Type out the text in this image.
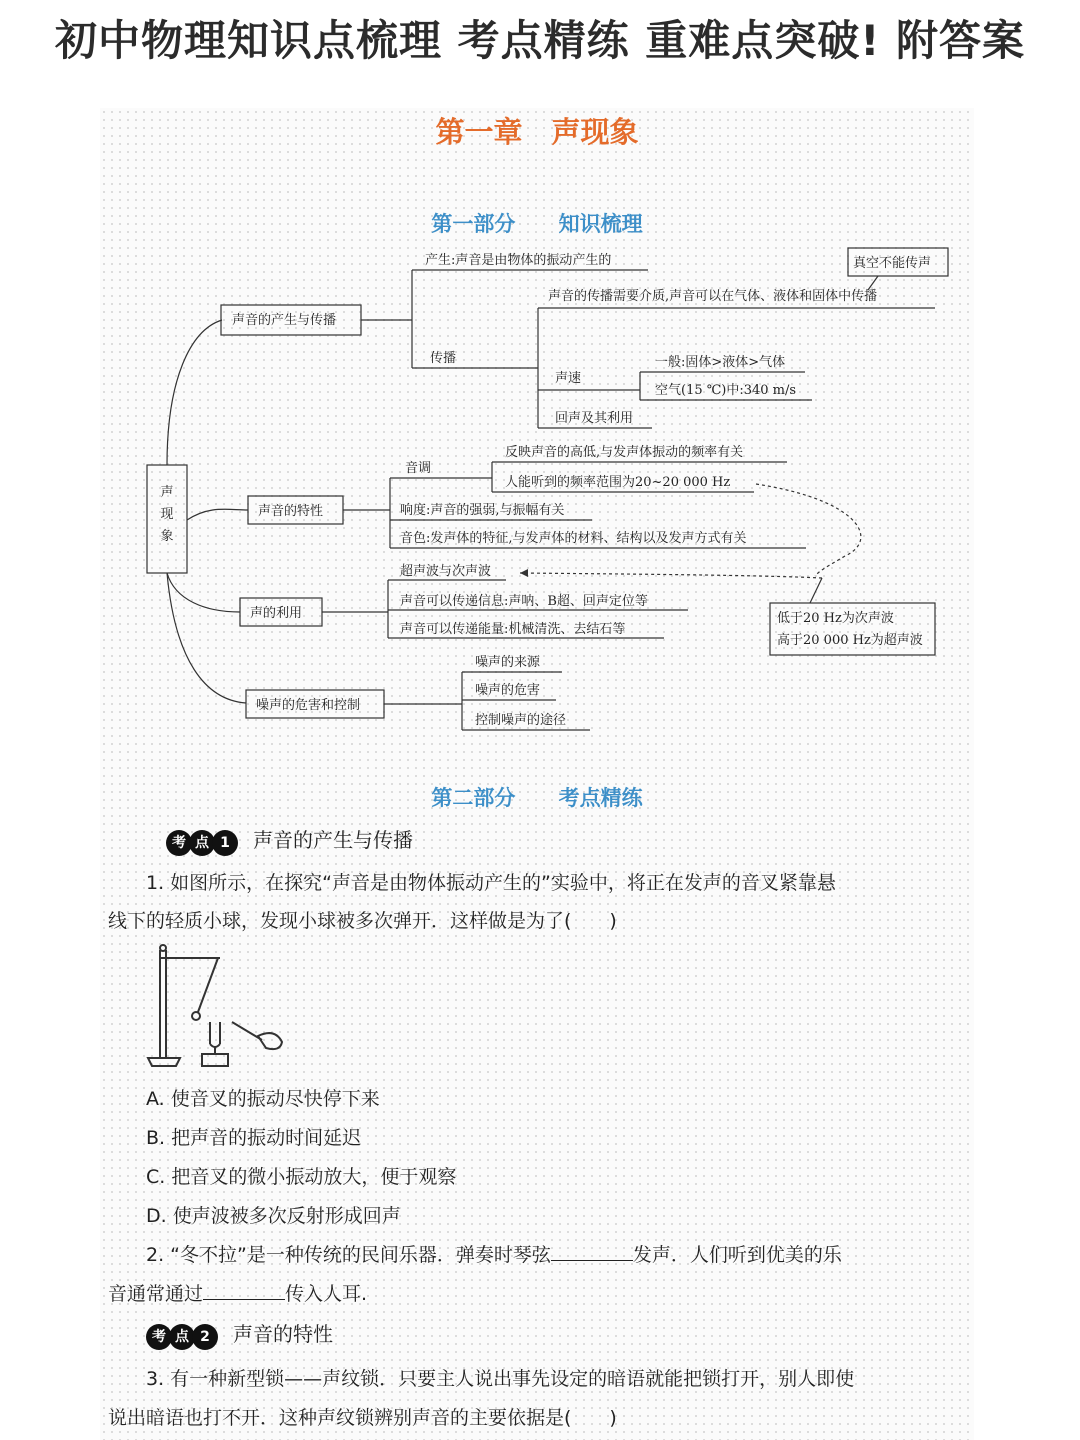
初中物理知识点梳理 考点精练 重难点突破! 附答案
第一章　声现象
第一部分 知识梳理
声
现
象
声音的产生与传播
产生:声音是由物体的振动产生的
传播
声音的传播需要介质,声音可以在气体、液体和固体中传播
真空不能传声
声速
一般:固体>液体>气体
空气(15 ℃)中:340 m/s
回声及其利用
声音的特性
音调
反映声音的高低,与发声体振动的频率有关
人能听到的频率范围为20~20 000 Hz
响度:声音的强弱,与振幅有关
音色:发声体的特征,与发声体的材料、结构以及发声方式有关
声的利用
超声波与次声波
声音可以传递信息:声呐、B超、回声定位等
声音可以传递能量:机械清洗、去结石等
低于20 Hz为次声波
高于20 000 Hz为超声波
噪声的危害和控制
噪声的来源
噪声的危害
控制噪声的途径
第二部分 考点精练
考 点 1 声音的产生与传播
1. 如图所示，在探究“声音是由物体振动产生的”实验中，将正在发声的音叉紧靠悬
线下的轻质小球，发现小球被多次弹开．这样做是为了(　　)
A. 使音叉的振动尽快停下来
B. 把声音的振动时间延迟
C. 把音叉的微小振动放大，便于观察
D. 使声波被多次反射形成回声
2. “冬不拉”是一种传统的民间乐器．弹奏时琴弦	发声．人们听到优美的乐
音通常通过	传入人耳.
考 点 2 声音的特性
3. 有一种新型锁——声纹锁．只要主人说出事先设定的暗语就能把锁打开，别人即使
说出暗语也打不开．这种声纹锁辨别声音的主要依据是(　　)
